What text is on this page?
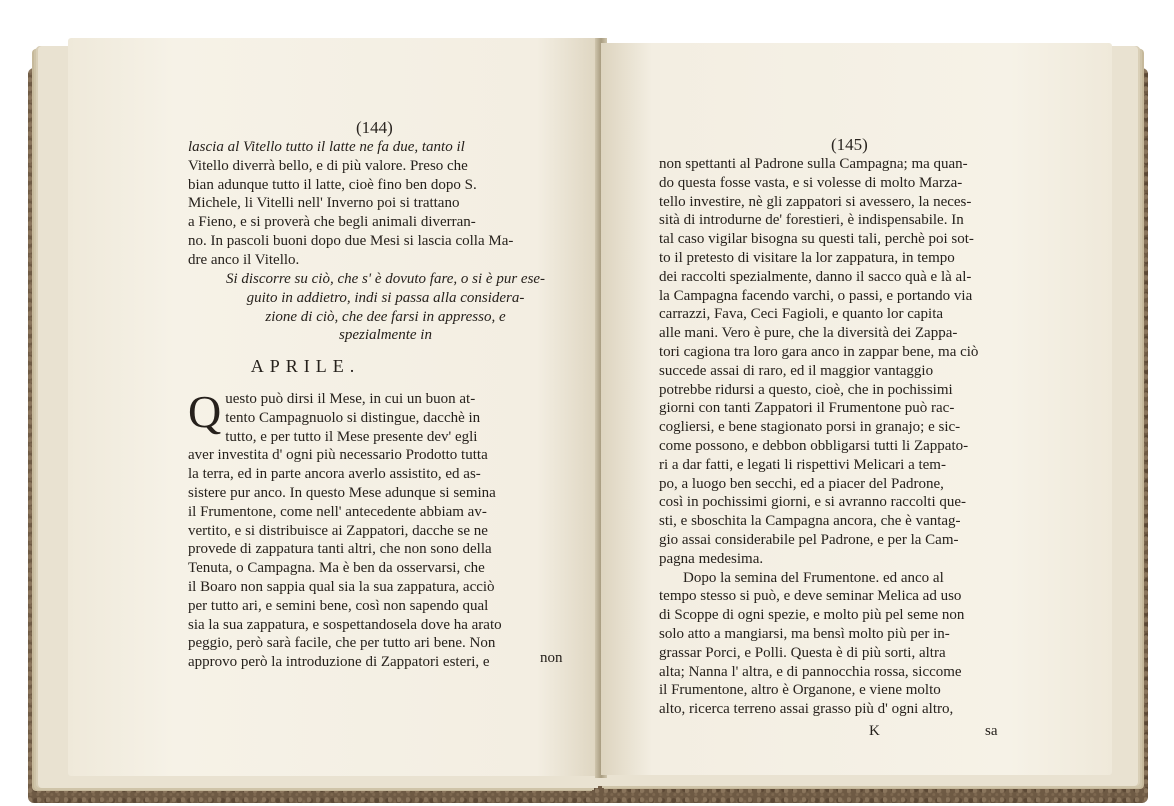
(144)
lascia al Vitello tutto il latte ne fa due, tanto il
Vitello diverrà bello, e di più valore. Preso che
bian adunque tutto il latte, cioè fino ben dopo S.
Michele, li Vitelli nell' Inverno poi si trattano
a Fieno, e si proverà che begli animali diverran-
no. In pascoli buoni dopo due Mesi si lascia colla Ma-
dre anco il Vitello.
Si discorre su ciò, che s' è dovuto fare, o si è pur ese-
guito in addietro, indi si passa alla considera-
zione di ciò, che dee farsi in appresso, e
spezialmente in
APRILE.
Q uesto può dirsi il Mese, in cui un buon at-
tento Campagnuolo si distingue, dacchè in
tutto, e per tutto il Mese presente dev' egli
aver investita d' ogni più necessario Prodotto tutta
la terra, ed in parte ancora averlo assistito, ed as-
sistere pur anco. In questo Mese adunque si semina
il Frumentone, come nell' antecedente abbiam av-
vertito, e si distribuisce ai Zappatori, dacche se ne
provede di zappatura tanti altri, che non sono della
Tenuta, o Campagna. Ma è ben da osservarsi, che
il Boaro non sappia qual sia la sua zappatura, acciò
per tutto ari, e semini bene, così non sapendo qual
sia la sua zappatura, e sospettandosela dove ha arato
peggio, però sarà facile, che per tutto ari bene. Non
approvo però la introduzione di Zappatori esteri, e	non
(145)
non spettanti al Padrone sulla Campagna; ma quan-
do questa fosse vasta, e si volesse di molto Marza-
tello investire, nè gli zappatori si avessero, la neces-
sità di introdurne de' forestieri, è indispensabile. In
tal caso vigilar bisogna su questi tali, perchè poi sot-
to il pretesto di visitare la lor zappatura, in tempo
dei raccolti spezialmente, danno il sacco quà e là al-
la Campagna facendo varchi, o passi, e portando via
carrazzi, Fava, Ceci Fagioli, e quanto lor capita
alle mani. Vero è pure, che la diversità dei Zappa-
tori cagiona tra loro gara anco in zappar bene, ma ciò
succede assai di raro, ed il maggior vantaggio
potrebbe ridursi a questo, cioè, che in pochissimi
giorni con tanti Zappatori il Frumentone può rac-
cogliersi, e bene stagionato porsi in granajo; e sic-
come possono, e debbon obbligarsi tutti li Zappato-
ri a dar fatti, e legati li rispettivi Melicari a tem-
po, a luogo ben secchi, ed a piacer del Padrone,
così in pochissimi giorni, e si avranno raccolti que-
sti, e sboschita la Campagna ancora, che è vantag-
gio assai considerabile pel Padrone, e per la Cam-
pagna medesima.
Dopo la semina del Frumentone. ed anco al
tempo stesso si può, e deve seminar Melica ad uso
di Scoppe di ogni spezie, e molto più pel seme non
solo atto a mangiarsi, ma bensì molto più per in-
grassar Porci, e Polli. Questa è di più sorti, altra
alta; Nanna l' altra, e di pannocchia rossa, siccome
il Frumentone, altro è Organone, e viene molto
alto, ricerca terreno assai grasso più d' ogni altro,
K	sa
